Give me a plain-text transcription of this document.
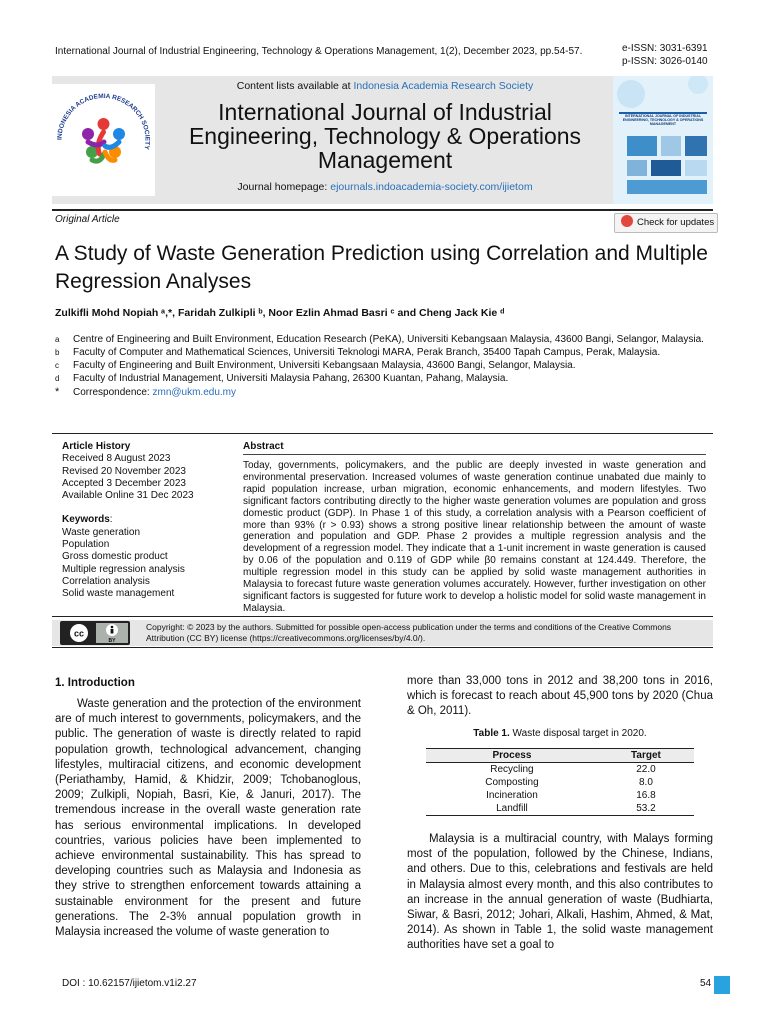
International Journal of Industrial Engineering, Technology & Operations Management, 1(2), December 2023, pp.54-57.	e-ISSN: 3031-6391
p-ISSN: 3026-0140
INDONESIA ACADEMIA RESEARCH SOCIETY
Content lists available at Indonesia Academia Research Society
International Journal of Industrial Engineering, Technology & Operations Management
Journal homepage: ejournals.indoacademia-society.com/ijietom
INTERNATIONAL JOURNAL OF INDUSTRIAL ENGINEERING, TECHNOLOGY & OPERATIONS MANAGEMENT
Original Article	Check for updates
A Study of Waste Generation Prediction using Correlation and Multiple Regression Analyses
Zulkifli Mohd Nopiah ᵃ,*, Faridah Zulkipli ᵇ, Noor Ezlin Ahmad Basri ᶜ and Cheng Jack Kie ᵈ
a	Centre of Engineering and Built Environment, Education Research (PeKA), Universiti Kebangsaan Malaysia, 43600 Bangi, Selangor, Malaysia.
b	Faculty of Computer and Mathematical Sciences, Universiti Teknologi MARA, Perak Branch, 35400 Tapah Campus, Perak, Malaysia.
c	Faculty of Engineering and Built Environment, Universiti Kebangsaan Malaysia, 43600 Bangi, Selangor, Malaysia.
d	Faculty of Industrial Management, Universiti Malaysia Pahang, 26300 Kuantan, Pahang, Malaysia.
*	Correspondence: zmn@ukm.edu.my
Article History
Received 8 August 2023
Revised 20 November 2023
Accepted 3 December 2023
Available Online 31 Dec 2023
Keywords:
Waste generation
Population
Gross domestic product
Multiple regression analysis
Correlation analysis
Solid waste management
Abstract
Today, governments, policymakers, and the public are deeply invested in waste generation and environmental preservation. Increased volumes of waste generation continue unabated due mainly to rapid population increase, urban migration, economic enhancements, and modern lifestyles. Two significant factors contributing directly to the higher waste generation volumes are population and gross domestic product (GDP). In Phase 1 of this study, a correlation analysis with a Pearson coefficient of more than 93% (r > 0.93) shows a strong positive linear relationship between the amount of waste generation and population and GDP. Phase 2 provides a multiple regression analysis and the development of a regression model. They indicate that a 1-unit increment in waste generation is caused by 0.06 of the population and 0.119 of GDP while β0 remains constant at 124.449. Therefore, the multiple regression model in this study can be applied by solid waste management authorities in Malaysia to forecast future waste generation volumes accurately. However, further investigation on other significant factors is suggested for future work to develop a holistic model for solid waste management in Malaysia.
cc
BY
Copyright: © 2023 by the authors. Submitted for possible open-access publication under the terms and conditions of the Creative Commons Attribution (CC BY) license (https://creativecommons.org/licenses/by/4.0/).
1. Introduction
Waste generation and the protection of the environment are of much interest to governments, policymakers, and the public. The generation of waste is directly related to rapid population growth, technological advancement, changing lifestyles, multiracial citizens, and economic development (Periathamby, Hamid, & Khidzir, 2009; Tchobanoglous, 2009; Zulkipli, Nopiah, Basri, Kie, & Januri, 2017). The tremendous increase in the overall waste generation rate has serious environmental implications. In developed countries, various policies have been implemented to achieve environmental sustainability. This has spread to developing countries such as Malaysia and Indonesia as they strive to strengthen enforcement towards attaining a sustainable environment for the present and future generations. The 2-3% annual population growth in Malaysia increased the volume of waste generation to
more than 33,000 tons in 2012 and 38,200 tons in 2016, which is forecast to reach about 45,900 tons by 2020 (Chua & Oh, 2011).
Table 1. Waste disposal target in 2020.
Process	Target
Recycling	22.0
Composting	8.0
Incineration	16.8
Landfill	53.2
Malaysia is a multiracial country, with Malays forming most of the population, followed by the Chinese, Indians, and others. Due to this, celebrations and festivals are held in Malaysia almost every month, and this also contributes to an increase in the annual generation of waste (Budhiarta, Siwar, & Basri, 2012; Johari, Alkali, Hashim, Ahmed, & Mat, 2014). As shown in Table 1, the solid waste management authorities have set a goal to
DOI : 10.62157/ijietom.v1i2.27	54
